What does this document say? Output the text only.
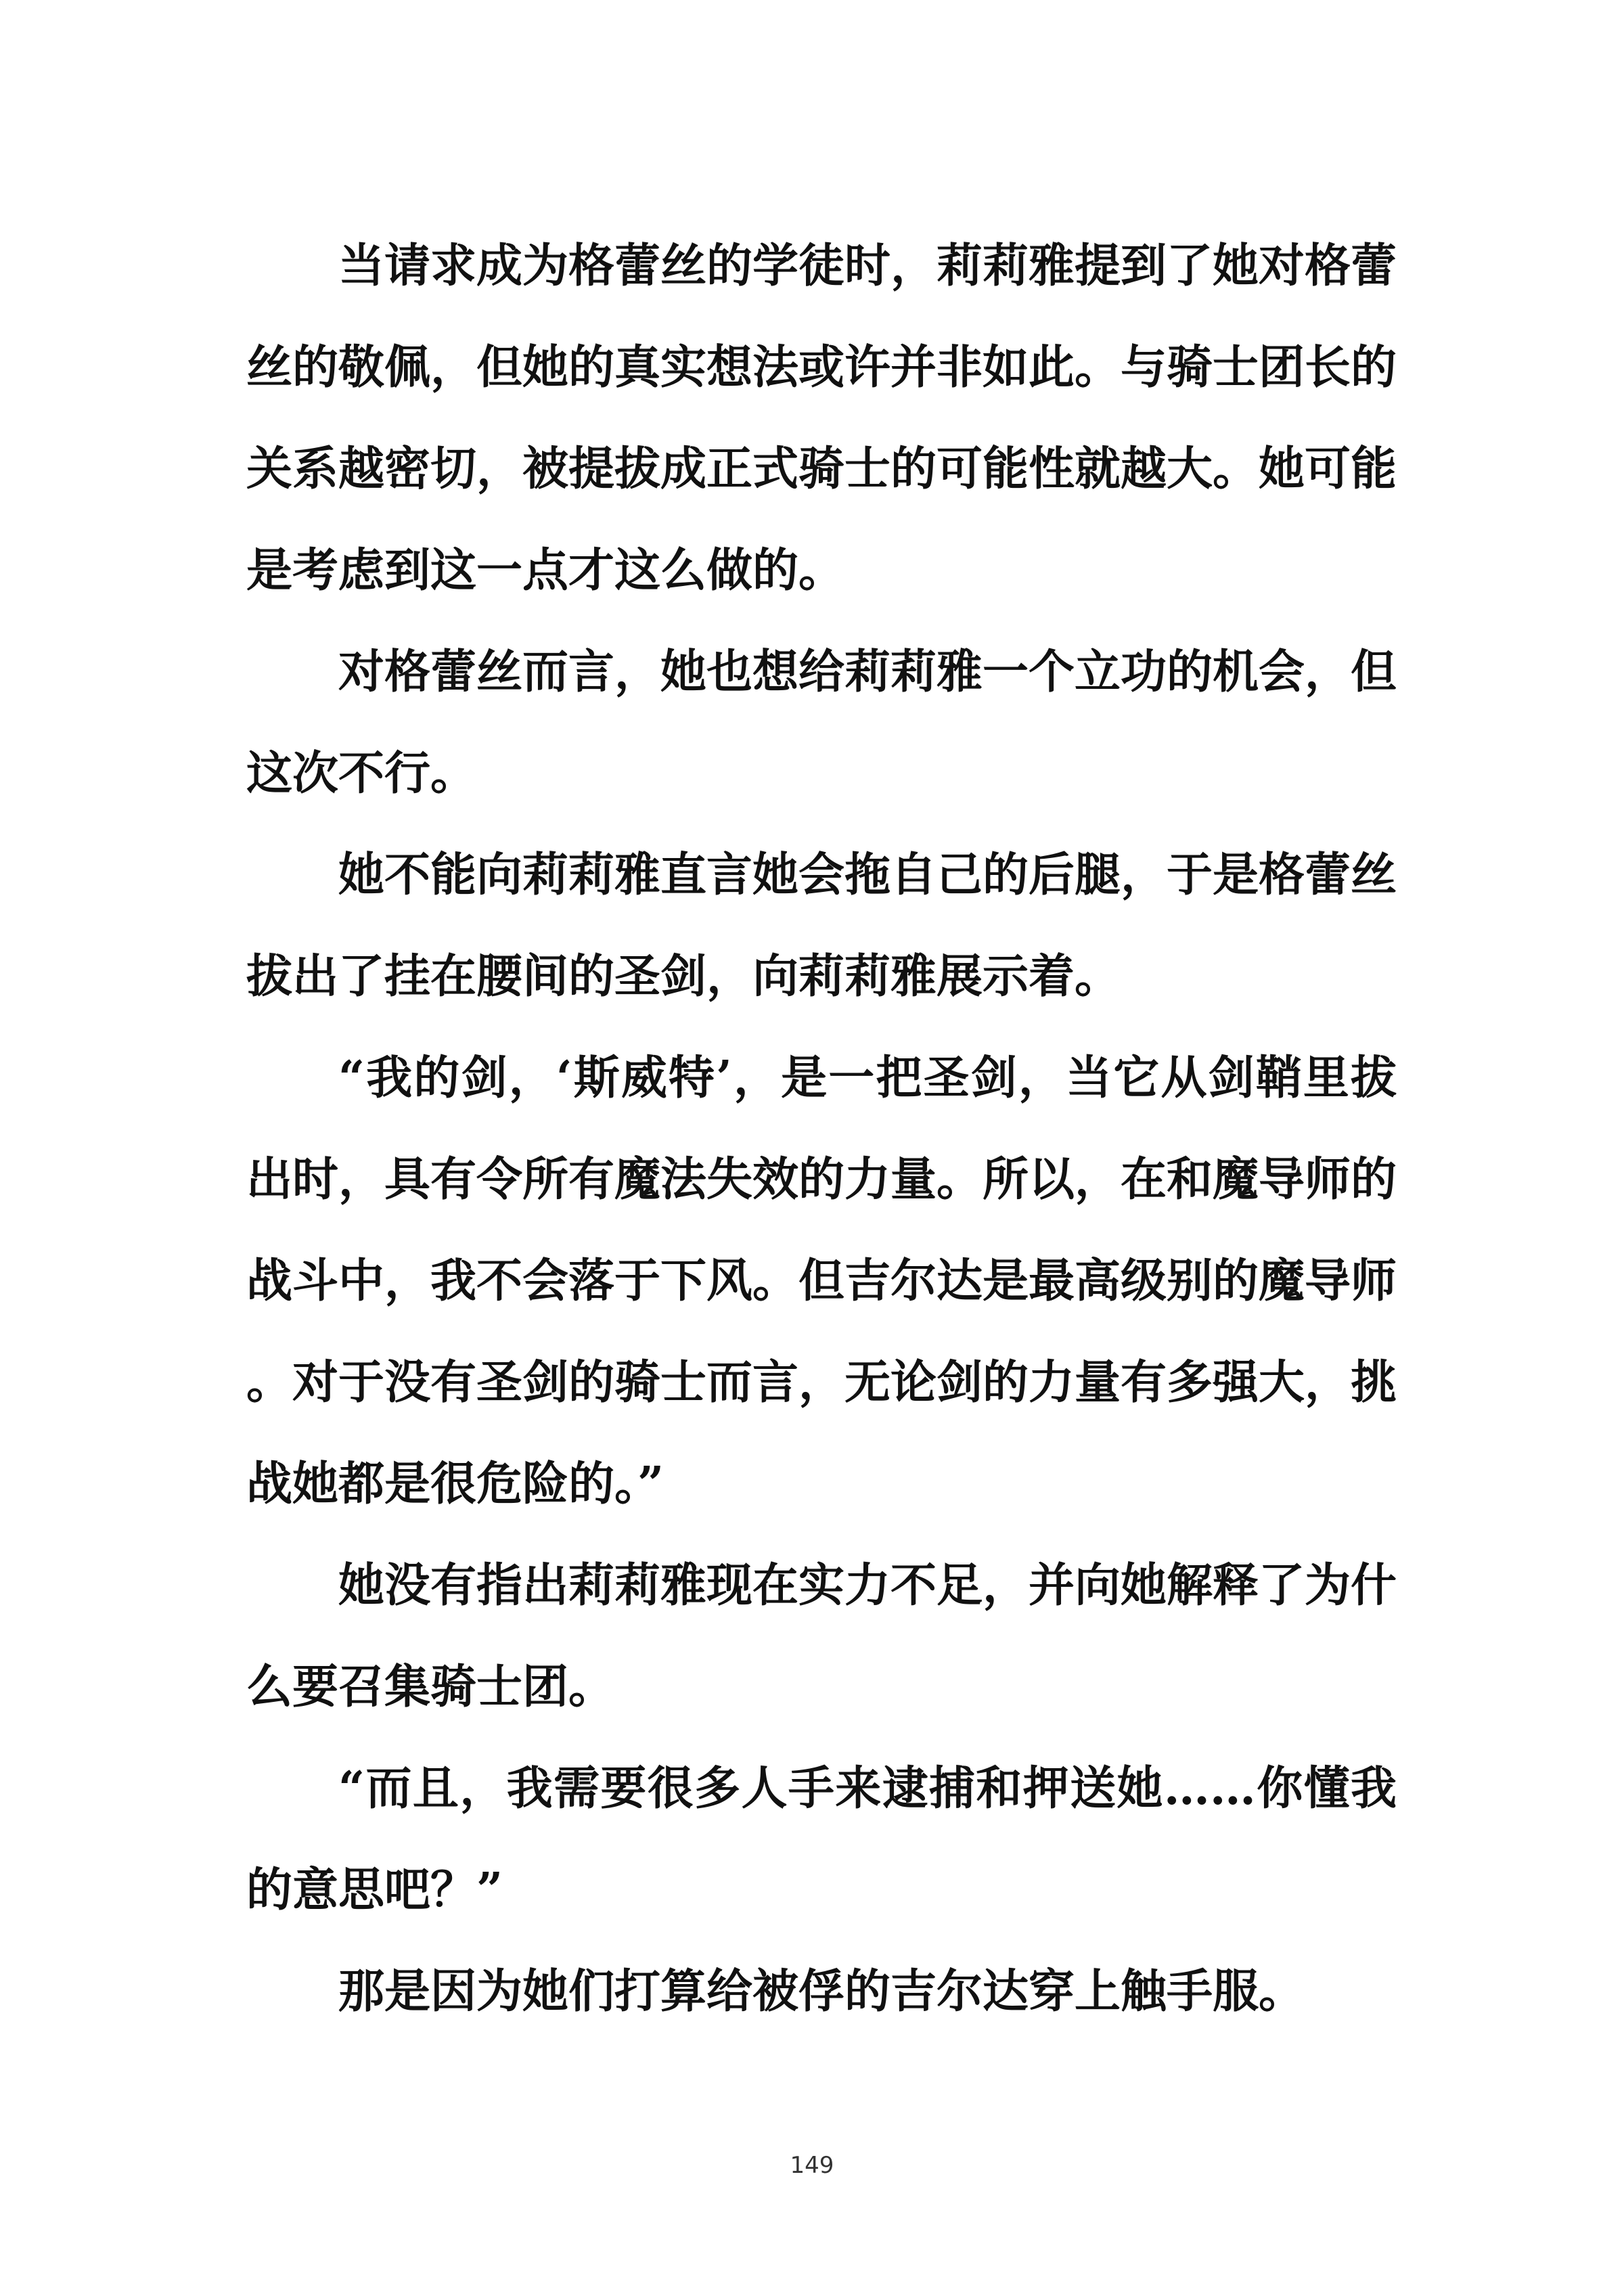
当请求成为格蕾丝的学徒时，莉莉雅提到了她对格蕾丝的敬佩，但她的真实想法或许并非如此。与骑士团长的关系越密切，被提拔成正式骑士的可能性就越大。她可能是考虑到这一点才这么做的。

对格蕾丝而言，她也想给莉莉雅一个立功的机会，但这次不行。

她不能向莉莉雅直言她会拖自己的后腿，于是格蕾丝拔出了挂在腰间的圣剑，向莉莉雅展示着。

“我的剑，‘斯威特’，是一把圣剑，当它从剑鞘里拔出时，具有令所有魔法失效的力量。所以，在和魔导师的战斗中，我不会落于下风。但吉尔达是最高级别的魔导师。对于没有圣剑的骑士而言，无论剑的力量有多强大，挑战她都是很危险的。”

她没有指出莉莉雅现在实力不足，并向她解释了为什么要召集骑士团。

“而且，我需要很多人手来逮捕和押送她……你懂我的意思吧？”

那是因为她们打算给被俘的吉尔达穿上触手服。

149
